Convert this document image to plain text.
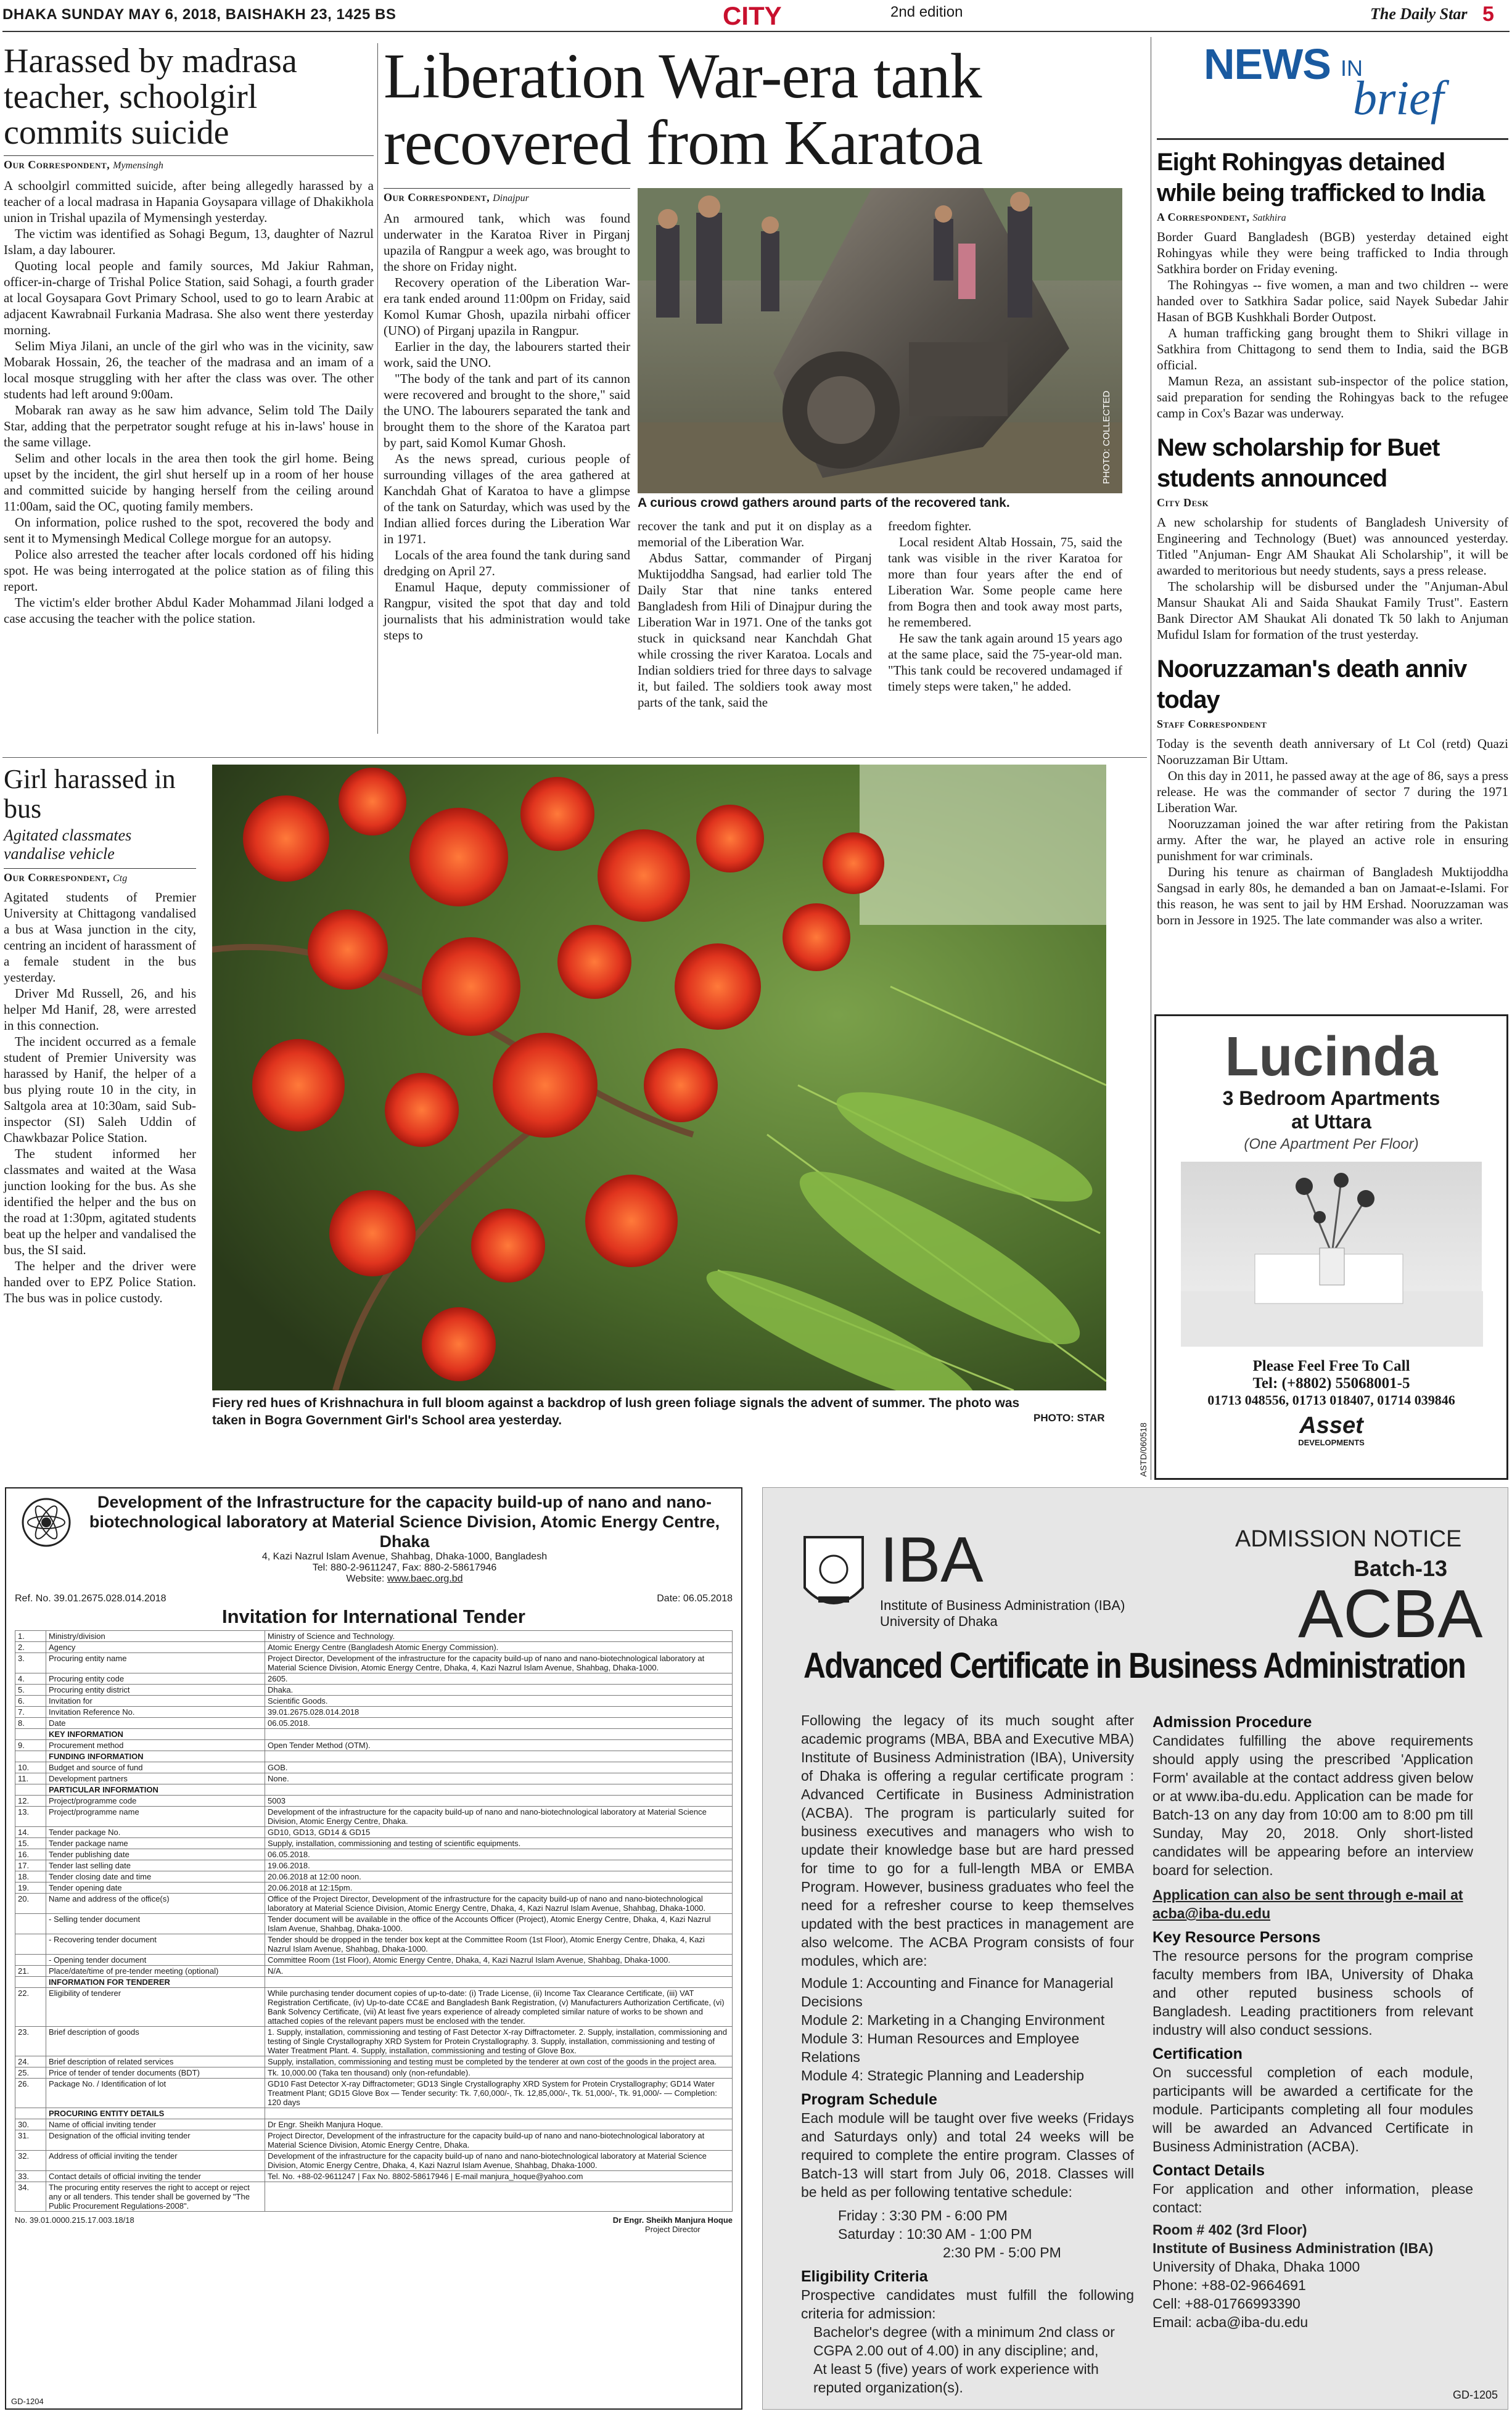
DHAKA SUNDAY MAY 6, 2018, BAISHAKH 23, 1425 BS	CITY	2nd edition	The Daily Star 5
Harassed by madrasa teacher, schoolgirl commits suicide
Our Correspondent, Mymensingh

A schoolgirl committed suicide, after being allegedly harassed by a teacher of a local madrasa in Hapania Goysapara village of Dhakikhola union in Trishal upazila of Mymensingh yesterday.

The victim was identified as Sohagi Begum, 13, daughter of Nazrul Islam, a day labourer.

Quoting local people and family sources, Md Jakiur Rahman, officer-in-charge of Trishal Police Station, said Sohagi, a fourth grader at local Goysapara Govt Primary School, used to go to learn Arabic at adjacent Kawrabnail Furkania Madrasa. She also went there yesterday morning.

Selim Miya Jilani, an uncle of the girl who was in the vicinity, saw Mobarak Hossain, 26, the teacher of the madrasa and an imam of a local mosque struggling with her after the class was over. The other students had left around 9:00am.

Mobarak ran away as he saw him advance, Selim told The Daily Star, adding that the perpetrator sought refuge at his in-laws' house in the same village.

Selim and other locals in the area then took the girl home. Being upset by the incident, the girl shut herself up in a room of her house and committed suicide by hanging herself from the ceiling around 11:00am, said the OC, quoting family members.

On information, police rushed to the spot, recovered the body and sent it to Mymensingh Medical College morgue for an autopsy.

Police also arrested the teacher after locals cordoned off his hiding spot. He was being interrogated at the police station as of filing this report.

The victim's elder brother Abdul Kader Mohammad Jilani lodged a case accusing the teacher with the police station.

Liberation War-era tank recovered from Karatoa
Our Correspondent, Dinajpur

An armoured tank, which was found underwater in the Karatoa River in Pirganj upazila of Rangpur a week ago, was brought to the shore on Friday night.

Recovery operation of the Liberation War-era tank ended around 11:00pm on Friday, said Komol Kumar Ghosh, upazila nirbahi officer (UNO) of Pirganj upazila in Rangpur.

Earlier in the day, the labourers started their work, said the UNO.

"The body of the tank and part of its cannon were recovered and brought to the shore," said the UNO. The labourers separated the tank and brought them to the shore of the Karatoa part by part, said Komol Kumar Ghosh.

As the news spread, curious people of surrounding villages of the area gathered at Kanchdah Ghat of Karatoa to have a glimpse of the tank on Saturday, which was used by the Indian allied forces during the Liberation War in 1971.

Locals of the area found the tank during sand dredging on April 27.

Enamul Haque, deputy commissioner of Rangpur, visited the spot that day and told journalists that his administration would take steps to

PHOTO: COLLECTED
A curious crowd gathers around parts of the recovered tank.

recover the tank and put it on display as a memorial of the Liberation War.

Abdus Sattar, commander of Pirganj Muktijoddha Sangsad, had earlier told The Daily Star that nine tanks entered Bangladesh from Hili of Dinajpur during the Liberation War in 1971. One of the tanks got stuck in quicksand near Kanchdah Ghat while crossing the river Karatoa. Locals and Indian soldiers tried for three days to salvage it, but failed. The soldiers took away most parts of the tank, said the

freedom fighter.

Local resident Altab Hossain, 75, said the tank was visible in the river Karatoa for more than four years after the end of Liberation War. Some people came here from Bogra then and took away most parts, he remembered.

He saw the tank again around 15 years ago at the same place, said the 75-year-old man. "This tank could be recovered undamaged if timely steps were taken," he added.

Girl harassed in bus
Agitated classmates vandalise vehicle
Our Correspondent, Ctg

Agitated students of Premier University at Chittagong vandalised a bus at Wasa junction in the city, centring an incident of harassment of a female student in the bus yesterday.

Driver Md Russell, 26, and his helper Md Hanif, 28, were arrested in this connection.

The incident occurred as a female student of Premier University was harassed by Hanif, the helper of a bus plying route 10 in the city, in Saltgola area at 10:30am, said Sub-inspector (SI) Saleh Uddin of Chawkbazar Police Station.

The student informed her classmates and waited at the Wasa junction looking for the bus. As she identified the helper and the bus on the road at 1:30pm, agitated students beat up the helper and vandalised the bus, the SI said.

The helper and the driver were handed over to EPZ Police Station. The bus was in police custody.

Fiery red hues of Krishnachura in full bloom against a backdrop of lush green foliage signals the advent of summer. The photo was taken in Bogra Government Girl's School area yesterday.	PHOTO: STAR
NEWS IN
brief
Eight Rohingyas detained while being trafficked to India
A Correspondent, Satkhira

Border Guard Bangladesh (BGB) yesterday detained eight Rohingyas while they were being trafficked to India through Satkhira border on Friday evening.

The Rohingyas -- five women, a man and two children -- were handed over to Satkhira Sadar police, said Nayek Subedar Jahir Hasan of BGB Kushkhali Border Outpost.

A human trafficking gang brought them to Shikri village in Satkhira from Chittagong to send them to India, said the BGB official.

Mamun Reza, an assistant sub-inspector of the police station, said preparation for sending the Rohingyas back to the refugee camp in Cox's Bazar was underway.

New scholarship for Buet students announced
City Desk

A new scholarship for students of Bangladesh University of Engineering and Technology (Buet) was announced yesterday. Titled "Anjuman- Engr AM Shaukat Ali Scholarship", it will be awarded to meritorious but needy students, says a press release.

The scholarship will be disbursed under the "Anjuman-Abul Mansur Shaukat Ali and Saida Shaukat Family Trust". Eastern Bank Director AM Shaukat Ali donated Tk 50 lakh to Anjuman Mufidul Islam for formation of the trust yesterday.

Nooruzzaman's death anniv today
Staff Correspondent

Today is the seventh death anniversary of Lt Col (retd) Quazi Nooruzzaman Bir Uttam.

On this day in 2011, he passed away at the age of 86, says a press release. He was the commander of sector 7 during the 1971 Liberation War.

Nooruzzaman joined the war after retiring from the Pakistan army. After the war, he played an active role in ensuring punishment for war criminals.

During his tenure as chairman of Bangladesh Muktijoddha Sangsad in early 80s, he demanded a ban on Jamaat-e-Islami. For this reason, he was sent to jail by HM Ershad. Nooruzzaman was born in Jessore in 1925. The late commander was also a writer.

Lucinda
3 Bedroom Apartments
at Uttara
(One Apartment Per Floor)
Please Feel Free To Call
Tel: (+8802) 55068001-5
01713 048556, 01713 018407, 01714 039846
Asset
DEVELOPMENTS
ASTD/060518
Development of the Infrastructure for the capacity build-up of nano and nano-biotechnological laboratory at Material Science Division, Atomic Energy Centre, Dhaka
4, Kazi Nazrul Islam Avenue, Shahbag, Dhaka-1000, Bangladesh
Tel: 880-2-9611247, Fax: 880-2-58617946
Website: www.baec.org.bd
Ref. No. 39.01.2675.028.014.2018	Date: 06.05.2018
Invitation for International Tender
1.	Ministry/division	Ministry of Science and Technology.
2.	Agency	Atomic Energy Centre (Bangladesh Atomic Energy Commission).
3.	Procuring entity name	Project Director, Development of the infrastructure for the capacity build-up of nano and nano-biotechnological laboratory at Material Science Division, Atomic Energy Centre, Dhaka, 4, Kazi Nazrul Islam Avenue, Shahbag, Dhaka-1000.
4.	Procuring entity code	2605.
5.	Procuring entity district	Dhaka.
6.	Invitation for	Scientific Goods.
7.	Invitation Reference No.	39.01.2675.028.014.2018
8.	Date	06.05.2018.
	KEY INFORMATION	
9.	Procurement method	Open Tender Method (OTM).
	FUNDING INFORMATION	
10.	Budget and source of fund	GOB.
11.	Development partners	None.
	PARTICULAR INFORMATION	
12.	Project/programme code	5003
13.	Project/programme name	Development of the infrastructure for the capacity build-up of nano and nano-biotechnological laboratory at Material Science Division, Atomic Energy Centre, Dhaka.
14.	Tender package No.	GD10, GD13, GD14 & GD15
15.	Tender package name	Supply, installation, commissioning and testing of scientific equipments.
16.	Tender publishing date	06.05.2018.
17.	Tender last selling date	19.06.2018.
18.	Tender closing date and time	20.06.2018 at 12:00 noon.
19.	Tender opening date	20.06.2018 at 12:15pm.
20.	Name and address of the office(s)	Office of the Project Director, Development of the infrastructure for the capacity build-up of nano and nano-biotechnological laboratory at Material Science Division, Atomic Energy Centre, Dhaka, 4, Kazi Nazrul Islam Avenue, Shahbag, Dhaka-1000.
	- Selling tender document	Tender document will be available in the office of the Accounts Officer (Project), Atomic Energy Centre, Dhaka, 4, Kazi Nazrul Islam Avenue, Shahbag, Dhaka-1000.
	- Recovering tender document	Tender should be dropped in the tender box kept at the Committee Room (1st Floor), Atomic Energy Centre, Dhaka, 4, Kazi Nazrul Islam Avenue, Shahbag, Dhaka-1000.
	- Opening tender document	Committee Room (1st Floor), Atomic Energy Centre, Dhaka, 4, Kazi Nazrul Islam Avenue, Shahbag, Dhaka-1000.
21.	Place/date/time of pre-tender meeting (optional)	N/A.
	INFORMATION FOR TENDERER	
22.	Eligibility of tenderer	While purchasing tender document copies of up-to-date: (i) Trade License, (ii) Income Tax Clearance Certificate, (iii) VAT Registration Certificate, (iv) Up-to-date CC&E and Bangladesh Bank Registration, (v) Manufacturers Authorization Certificate, (vi) Bank Solvency Certificate, (vii) At least five years experience of already completed similar nature of works to be shown and attached copies of the relevant papers must be enclosed with the tender.
23.	Brief description of goods	1. Supply, installation, commissioning and testing of Fast Detector X-ray Diffractometer. 2. Supply, installation, commissioning and testing of Single Crystallography XRD System for Protein Crystallography. 3. Supply, installation, commissioning and testing of Water Treatment Plant. 4. Supply, installation, commissioning and testing of Glove Box.
24.	Brief description of related services	Supply, installation, commissioning and testing must be completed by the tenderer at own cost of the goods in the project area.
25.	Price of tender of tender documents (BDT)	Tk. 10,000.00 (Taka ten thousand) only (non-refundable).
26.	Package No. / Identification of lot	GD10 Fast Detector X-ray Diffractometer; GD13 Single Crystallography XRD System for Protein Crystallography; GD14 Water Treatment Plant; GD15 Glove Box — Tender security: Tk. 7,60,000/-, Tk. 12,85,000/-, Tk. 51,000/-, Tk. 91,000/- — Completion: 120 days
	PROCURING ENTITY DETAILS	
30.	Name of official inviting tender	Dr Engr. Sheikh Manjura Hoque.
31.	Designation of the official inviting tender	Project Director, Development of the infrastructure for the capacity build-up of nano and nano-biotechnological laboratory at Material Science Division, Atomic Energy Centre, Dhaka.
32.	Address of official inviting the tender	Development of the infrastructure for the capacity build-up of nano and nano-biotechnological laboratory at Material Science Division, Atomic Energy Centre, Dhaka, 4, Kazi Nazrul Islam Avenue, Shahbag, Dhaka-1000.
33.	Contact details of official inviting the tender	Tel. No. +88-02-9611247 | Fax No. 8802-58617946 | E-mail manjura_hoque@yahoo.com
34.	The procuring entity reserves the right to accept or reject any or all tenders. This tender shall be governed by "The Public Procurement Regulations-2008".	
No. 39.01.0000.215.17.003.18/18	Dr Engr. Sheikh Manjura Hoque
Project Director
GD-1204
ADMISSION NOTICE
Batch-13
ACBA
IBA
Institute of Business Administration (IBA)
University of Dhaka
Advanced Certificate in Business Administration

Following the legacy of its much sought after academic programs (MBA, BBA and Executive MBA) Institute of Business Administration (IBA), University of Dhaka is offering a regular certificate program : Advanced Certificate in Business Administration (ACBA). The program is particularly suited for business executives and managers who wish to update their knowledge base but are hard pressed for time to go for a full-length MBA or EMBA Program. However, business graduates who feel the need for a refresher course to keep themselves updated with the best practices in management are also welcome. The ACBA Program consists of four modules, which are:

Module 1: Accounting and Finance for Managerial Decisions

Module 2: Marketing in a Changing Environment

Module 3: Human Resources and Employee Relations

Module 4: Strategic Planning and Leadership

Program Schedule

Each module will be taught over five weeks (Fridays and Saturdays only) and total 24 weeks will be required to complete the entire program. Classes of Batch-13 will start from July 06, 2018. Classes will be held as per following tentative schedule:

Friday : 3:30 PM - 6:00 PM

Saturday : 10:30 AM - 1:00 PM

2:30 PM - 5:00 PM

Eligibility Criteria

Prospective candidates must fulfill the following criteria for admission:

Bachelor's degree (with a minimum 2nd class or CGPA 2.00 out of 4.00) in any discipline; and,

At least 5 (five) years of work experience with reputed organization(s).

Admission Procedure

Candidates fulfilling the above requirements should apply using the prescribed 'Application Form' available at the contact address given below or at www.iba-du.edu. Application can be made for Batch-13 on any day from 10:00 am to 8:00 pm till Sunday, May 20, 2018. Only short-listed candidates will be appearing before an interview board for selection.

Application can also be sent through e-mail at acba@iba-du.edu

Key Resource Persons

The resource persons for the program comprise faculty members from IBA, University of Dhaka and other reputed business schools of Bangladesh. Leading practitioners from relevant industry will also conduct sessions.

Certification

On successful completion of each module, participants will be awarded a certificate for the module. Participants completing all four modules will be awarded an Advanced Certificate in Business Administration (ACBA).

Contact Details

For application and other information, please contact:

Room # 402 (3rd Floor)

Institute of Business Administration (IBA)

University of Dhaka, Dhaka 1000

Phone: +88-02-9664691

Cell: +88-01766993390

Email: acba@iba-du.edu

GD-1205
